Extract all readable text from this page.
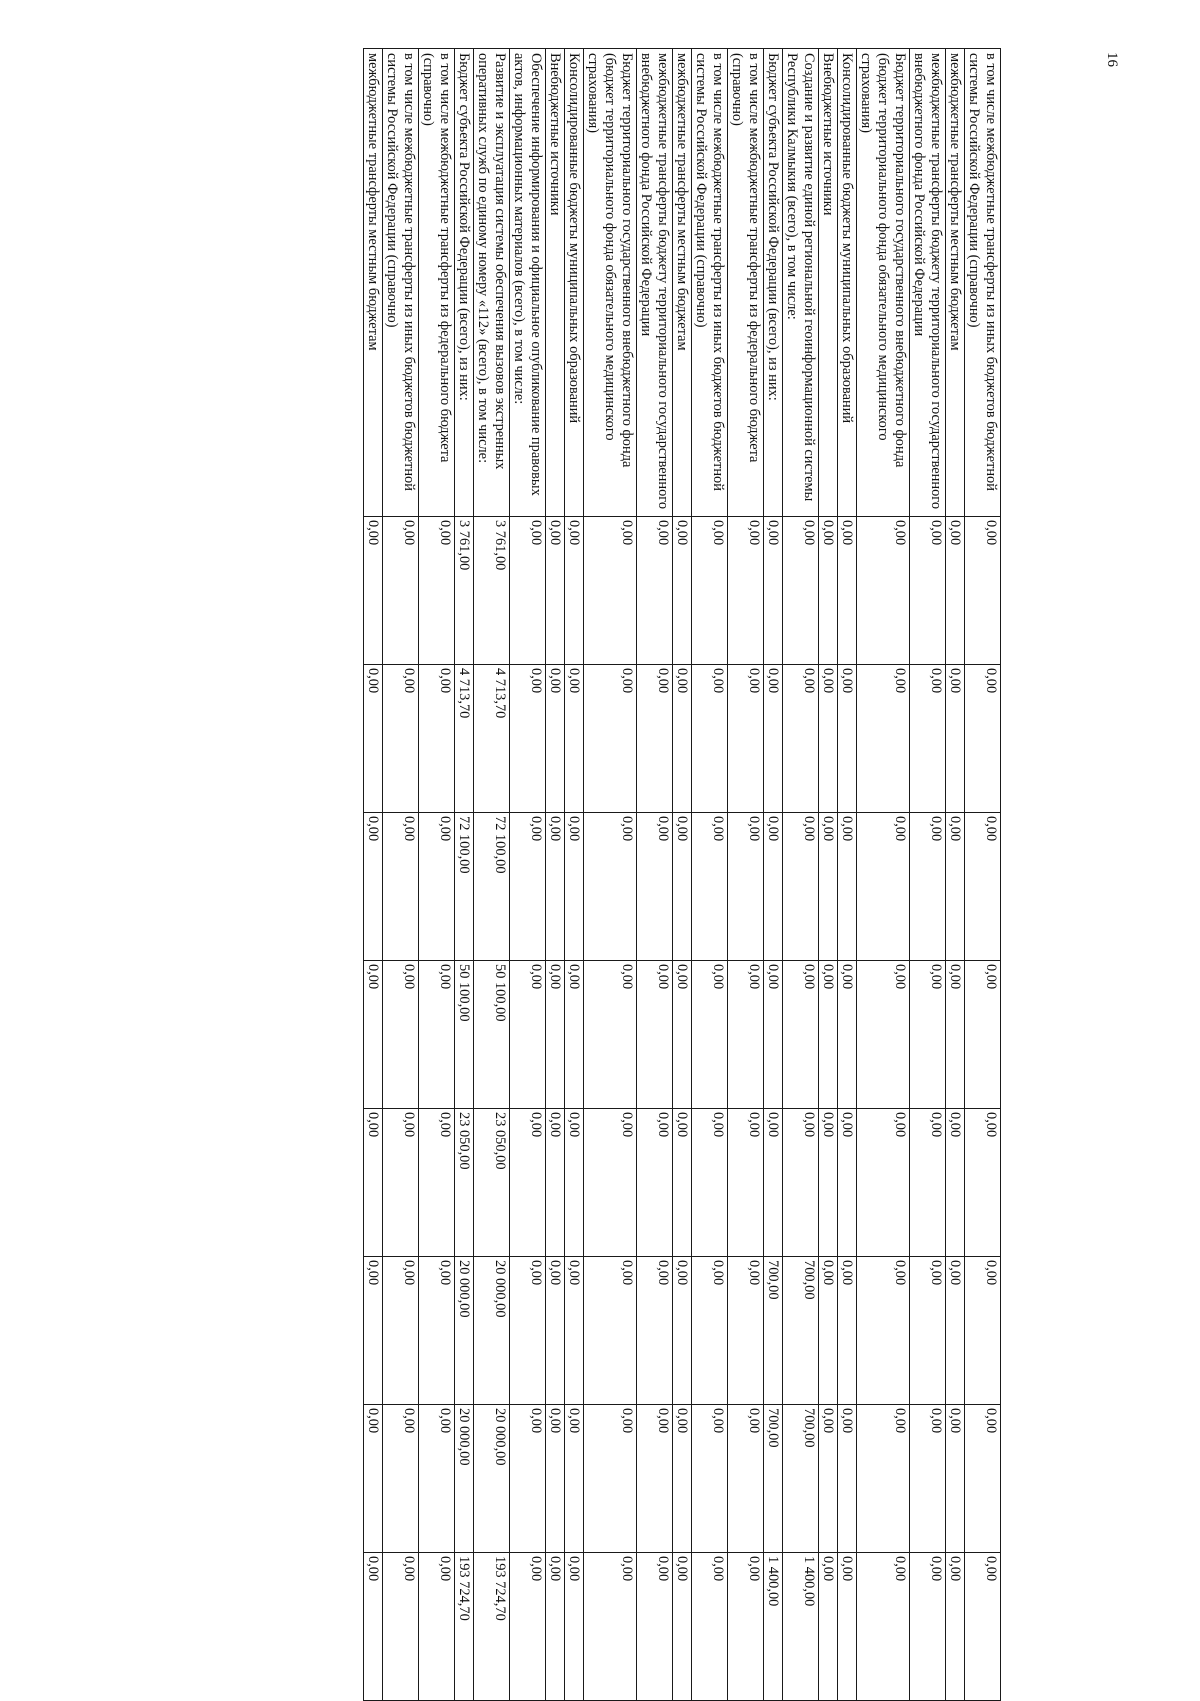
16
в том числе межбюджетные трансферты из иных бюджетов бюджетной системы Российской Федерации (справочно)	0,00	0,00	0,00	0,00	0,00	0,00	0,00	0,00
межбюджетные трансферты местным бюджетам	0,00	0,00	0,00	0,00	0,00	0,00	0,00	0,00
межбюджетные трансферты бюджету территориального государственного внебюджетного фонда Российской Федерации	0,00	0,00	0,00	0,00	0,00	0,00	0,00	0,00
Бюджет территориального государственного внебюджетного фонда (бюджет территориального фонда обязательного медицинского страхования)	0,00	0,00	0,00	0,00	0,00	0,00	0,00	0,00
Консолидированные бюджеты муниципальных образований	0,00	0,00	0,00	0,00	0,00	0,00	0,00	0,00
Внебюджетные источники	0,00	0,00	0,00	0,00	0,00	0,00	0,00	0,00
Создание и развитие единой региональной геоинформационной системы Республики Калмыкия (всего), в том числе:	0,00	0,00	0,00	0,00	0,00	700,00	700,00	1 400,00
Бюджет субъекта Российской Федерации (всего), из них:	0,00	0,00	0,00	0,00	0,00	700,00	700,00	1 400,00
в том числе межбюджетные трансферты из федерального бюджета (справочно)	0,00	0,00	0,00	0,00	0,00	0,00	0,00	0,00
в том числе межбюджетные трансферты из иных бюджетов бюджетной системы Российской Федерации (справочно)	0,00	0,00	0,00	0,00	0,00	0,00	0,00	0,00
межбюджетные трансферты местным бюджетам	0,00	0,00	0,00	0,00	0,00	0,00	0,00	0,00
межбюджетные трансферты бюджету территориального государственного внебюджетного фонда Российской Федерации	0,00	0,00	0,00	0,00	0,00	0,00	0,00	0,00
Бюджет территориального государственного внебюджетного фонда (бюджет территориального фонда обязательного медицинского страхования)	0,00	0,00	0,00	0,00	0,00	0,00	0,00	0,00
Консолидированные бюджеты муниципальных образований	0,00	0,00	0,00	0,00	0,00	0,00	0,00	0,00
Внебюджетные источники	0,00	0,00	0,00	0,00	0,00	0,00	0,00	0,00
Обеспечение информирования и официальное опубликование правовых актов, информационных материалов (всего), в том числе:	0,00	0,00	0,00	0,00	0,00	0,00	0,00	0,00
Развитие и эксплуатация системы обеспечения вызовов экстренных оперативных служб по единому номеру «112» (всего), в том числе:	3 761,00	4 713,70	72 100,00	50 100,00	23 050,00	20 000,00	20 000,00	193 724,70
Бюджет субъекта Российской Федерации (всего), из них:	3 761,00	4 713,70	72 100,00	50 100,00	23 050,00	20 000,00	20 000,00	193 724,70
в том числе межбюджетные трансферты из федерального бюджета (справочно)	0,00	0,00	0,00	0,00	0,00	0,00	0,00	0,00
в том числе межбюджетные трансферты из иных бюджетов бюджетной системы Российской Федерации (справочно)	0,00	0,00	0,00	0,00	0,00	0,00	0,00	0,00
межбюджетные трансферты местным бюджетам	0,00	0,00	0,00	0,00	0,00	0,00	0,00	0,00
